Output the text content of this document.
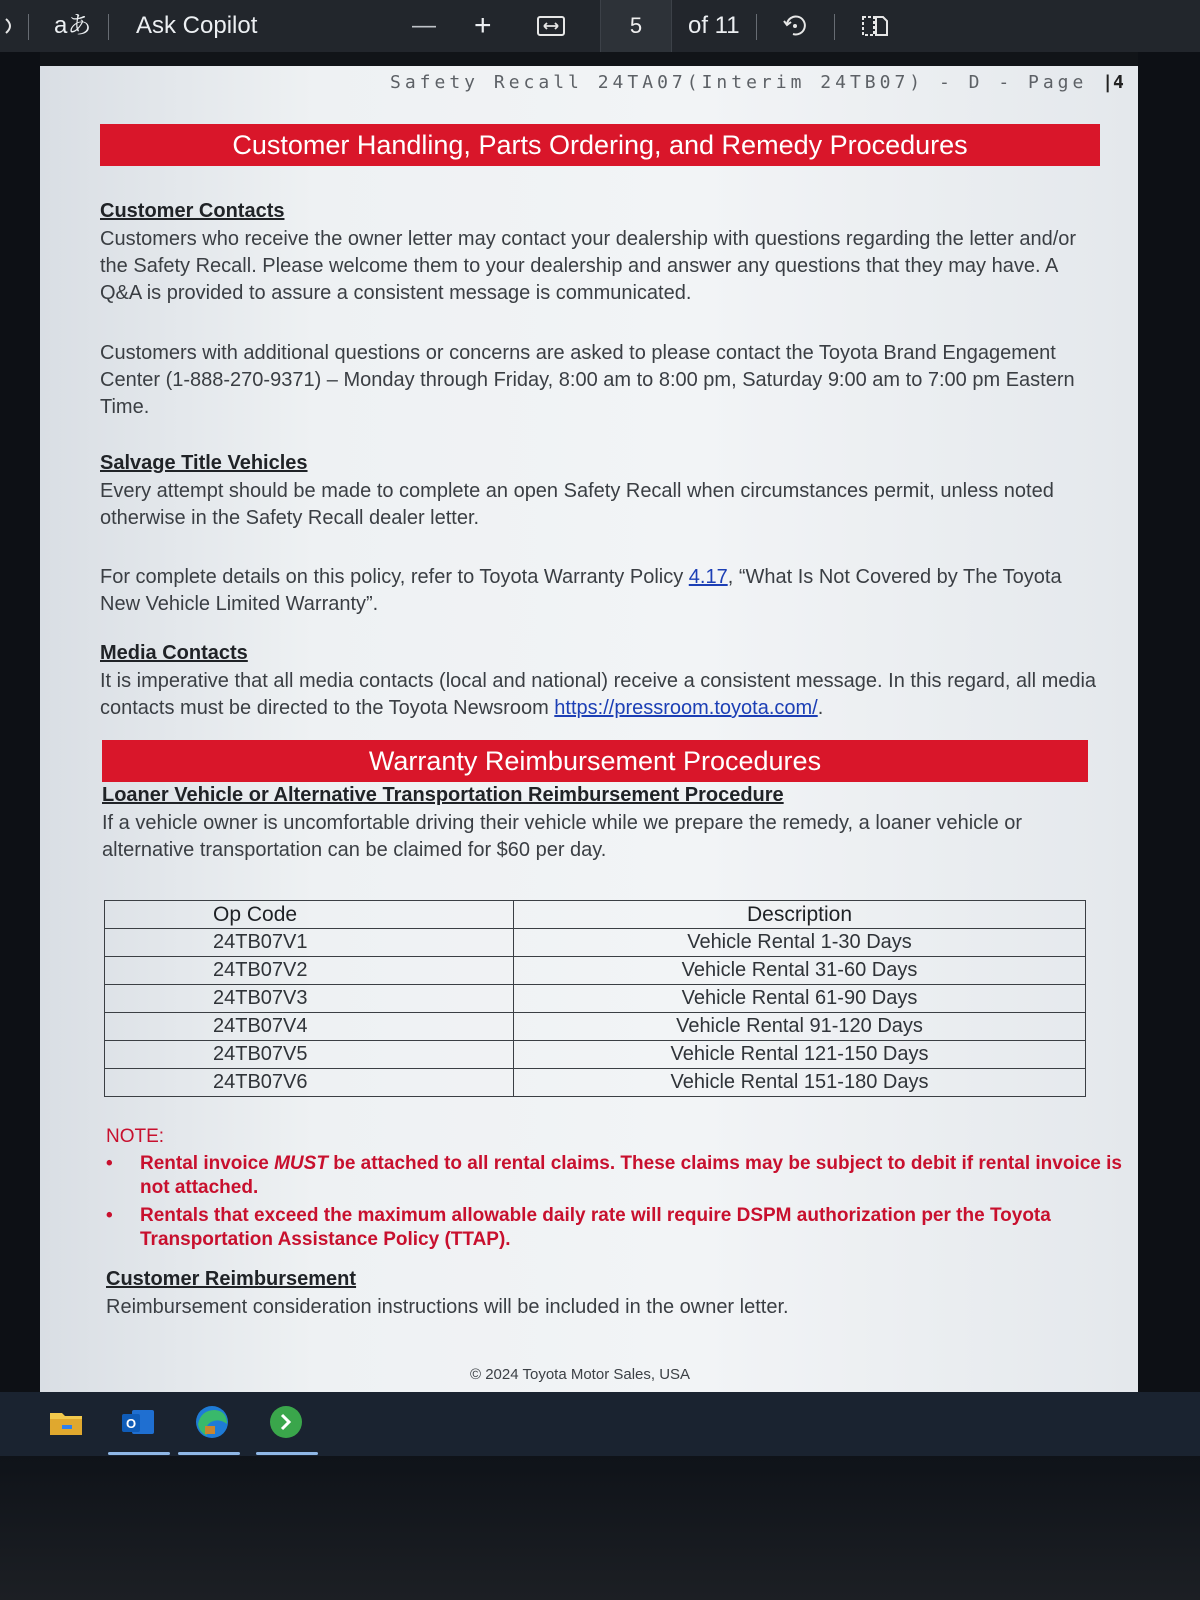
aあ Ask Copilot	— +	5	of 11
Safety Recall 24TA07(Interim 24TB07) - D - Page |4
Customer Handling, Parts Ordering, and Remedy Procedures
Customer Contacts
Customers who receive the owner letter may contact your dealership with questions regarding the letter and/or the Safety Recall. Please welcome them to your dealership and answer any questions that they may have. A Q&A is provided to assure a consistent message is communicated.
Customers with additional questions or concerns are asked to please contact the Toyota Brand Engagement Center (1-888-270-9371) – Monday through Friday, 8:00 am to 8:00 pm, Saturday 9:00 am to 7:00 pm Eastern Time.
Salvage Title Vehicles
Every attempt should be made to complete an open Safety Recall when circumstances permit, unless noted otherwise in the Safety Recall dealer letter.
For complete details on this policy, refer to Toyota Warranty Policy 4.17, “What Is Not Covered by The Toyota New Vehicle Limited Warranty”.
Media Contacts
It is imperative that all media contacts (local and national) receive a consistent message. In this regard, all media contacts must be directed to the Toyota Newsroom https://pressroom.toyota.com/.
Warranty Reimbursement Procedures
Loaner Vehicle or Alternative Transportation Reimbursement Procedure
If a vehicle owner is uncomfortable driving their vehicle while we prepare the remedy, a loaner vehicle or alternative transportation can be claimed for $60 per day.
Op Code	Description
24TB07V1	Vehicle Rental 1-30 Days
24TB07V2	Vehicle Rental 31-60 Days
24TB07V3	Vehicle Rental 61-90 Days
24TB07V4	Vehicle Rental 91-120 Days
24TB07V5	Vehicle Rental 121-150 Days
24TB07V6	Vehicle Rental 151-180 Days
NOTE:
• Rental invoice MUST be attached to all rental claims. These claims may be subject to debit if rental invoice is not attached.
• Rentals that exceed the maximum allowable daily rate will require DSPM authorization per the Toyota Transportation Assistance Policy (TTAP).
Customer Reimbursement
Reimbursement consideration instructions will be included in the owner letter.
© 2024 Toyota Motor Sales, USA
O
